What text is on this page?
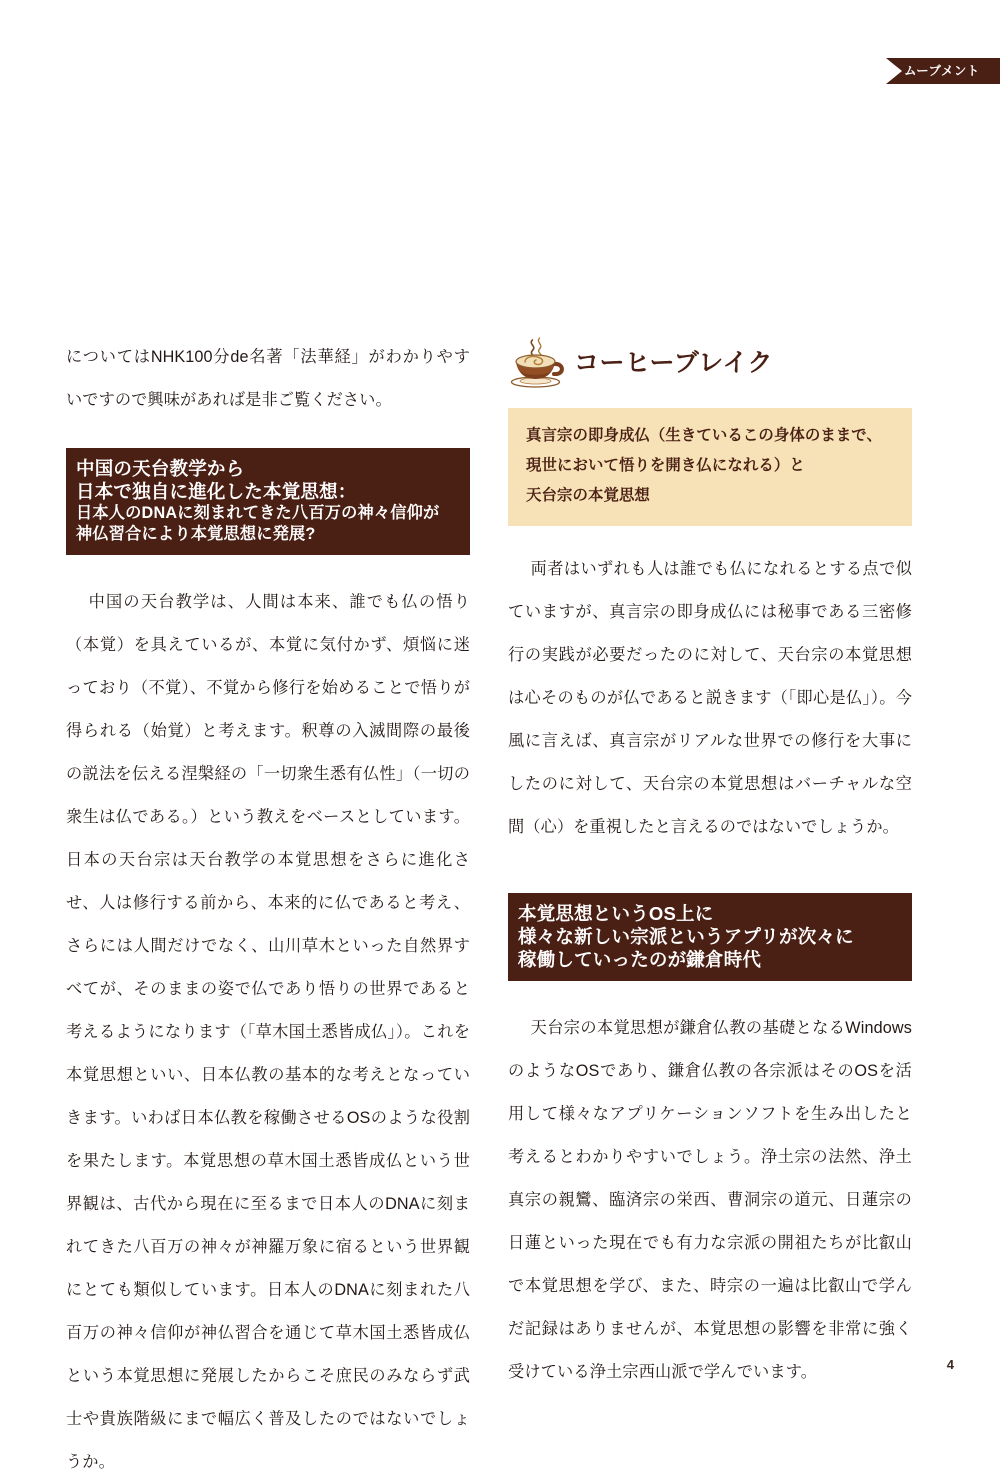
ムーブメント

についてはNHK100分de名著「法華経」がわかりやすいですので興味があれば是非ご覧ください。

中国の天台教学から
日本で独自に進化した本覚思想：
日本人のDNAに刻まれてきた八百万の神々信仰が
神仏習合により本覚思想に発展?

中国の天台教学は、人間は本来、誰でも仏の悟り（本覚）を具えているが、本覚に気付かず、煩悩に迷っており（不覚）、不覚から修行を始めることで悟りが得られる（始覚）と考えます。釈尊の入滅間際の最後の説法を伝える涅槃経の「一切衆生悉有仏性」（一切の衆生は仏である。）という教えをベースとしています。日本の天台宗は天台教学の本覚思想をさらに進化させ、人は修行する前から、本来的に仏であると考え、さらには人間だけでなく、山川草木といった自然界すべてが、そのままの姿で仏であり悟りの世界であると考えるようになります（「草木国土悉皆成仏」）。これを本覚思想といい、日本仏教の基本的な考えとなっていきます。いわば日本仏教を稼働させるOSのような役割を果たします。本覚思想の草木国土悉皆成仏という世界観は、古代から現在に至るまで日本人のDNAに刻まれてきた八百万の神々が神羅万象に宿るという世界観にとても類似しています。日本人のDNAに刻まれた八百万の神々信仰が神仏習合を通じて草木国土悉皆成仏という本覚思想に発展したからこそ庶民のみならず武士や貴族階級にまで幅広く普及したのではないでしょうか。

コーヒーブレイク
真言宗の即身成仏（生きているこの身体のままで、
現世において悟りを開き仏になれる）と
天台宗の本覚思想

両者はいずれも人は誰でも仏になれるとする点で似ていますが、真言宗の即身成仏には秘事である三密修行の実践が必要だったのに対して、天台宗の本覚思想は心そのものが仏であると説きます（「即心是仏」）。今風に言えば、真言宗がリアルな世界での修行を大事にしたのに対して、天台宗の本覚思想はバーチャルな空間（心）を重視したと言えるのではないでしょうか。

本覚思想というOS上に
様々な新しい宗派というアプリが次々に
稼働していったのが鎌倉時代

天台宗の本覚思想が鎌倉仏教の基礎となるWindowsのようなOSであり、鎌倉仏教の各宗派はそのOSを活用して様々なアプリケーションソフトを生み出したと考えるとわかりやすいでしょう。浄土宗の法然、浄土真宗の親鸞、臨済宗の栄西、曹洞宗の道元、日蓮宗の日蓮といった現在でも有力な宗派の開祖たちが比叡山で本覚思想を学び、また、時宗の一遍は比叡山で学んだ記録はありませんが、本覚思想の影響を非常に強く受けている浄土宗西山派で学んでいます。	4
